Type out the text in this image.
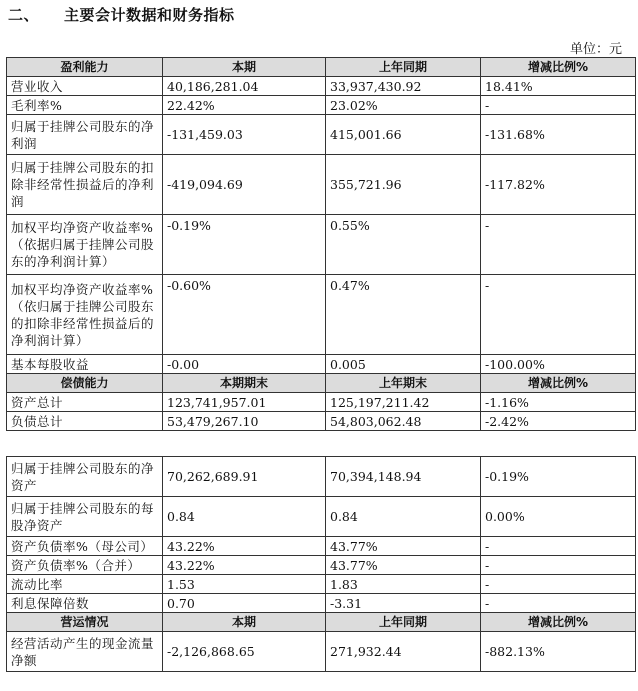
二、 主要会计数据和财务指标
单位：元
盈利能力	本期	上年同期	增减比例%
营业收入	40,186,281.04	33,937,430.92	18.41%
毛利率%	22.42%	23.02%	-
归属于挂牌公司股东的净利润	-131,459.03	415,001.66	-131.68%
归属于挂牌公司股东的扣除非经常性损益后的净利润	-419,094.69	355,721.96	-117.82%
加权平均净资产收益率%（依据归属于挂牌公司股东的净利润计算）	-0.19%	0.55%	-
加权平均净资产收益率%（依归属于挂牌公司股东的扣除非经常性损益后的净利润计算）	-0.60%	0.47%	-
基本每股收益	-0.00	0.005	-100.00%
偿债能力	本期期末	上年期末	增减比例%
资产总计	123,741,957.01	125,197,211.42	-1.16%
负债总计	53,479,267.10	54,803,062.48	-2.42%
归属于挂牌公司股东的净资产	70,262,689.91	70,394,148.94	-0.19%
归属于挂牌公司股东的每股净资产	0.84	0.84	0.00%
资产负债率%（母公司）	43.22%	43.77%	-
资产负债率%（合并）	43.22%	43.77%	-
流动比率	1.53	1.83	-
利息保障倍数	0.70	-3.31	-
营运情况	本期	上年同期	增减比例%
经营活动产生的现金流量净额	-2,126,868.65	271,932.44	-882.13%
